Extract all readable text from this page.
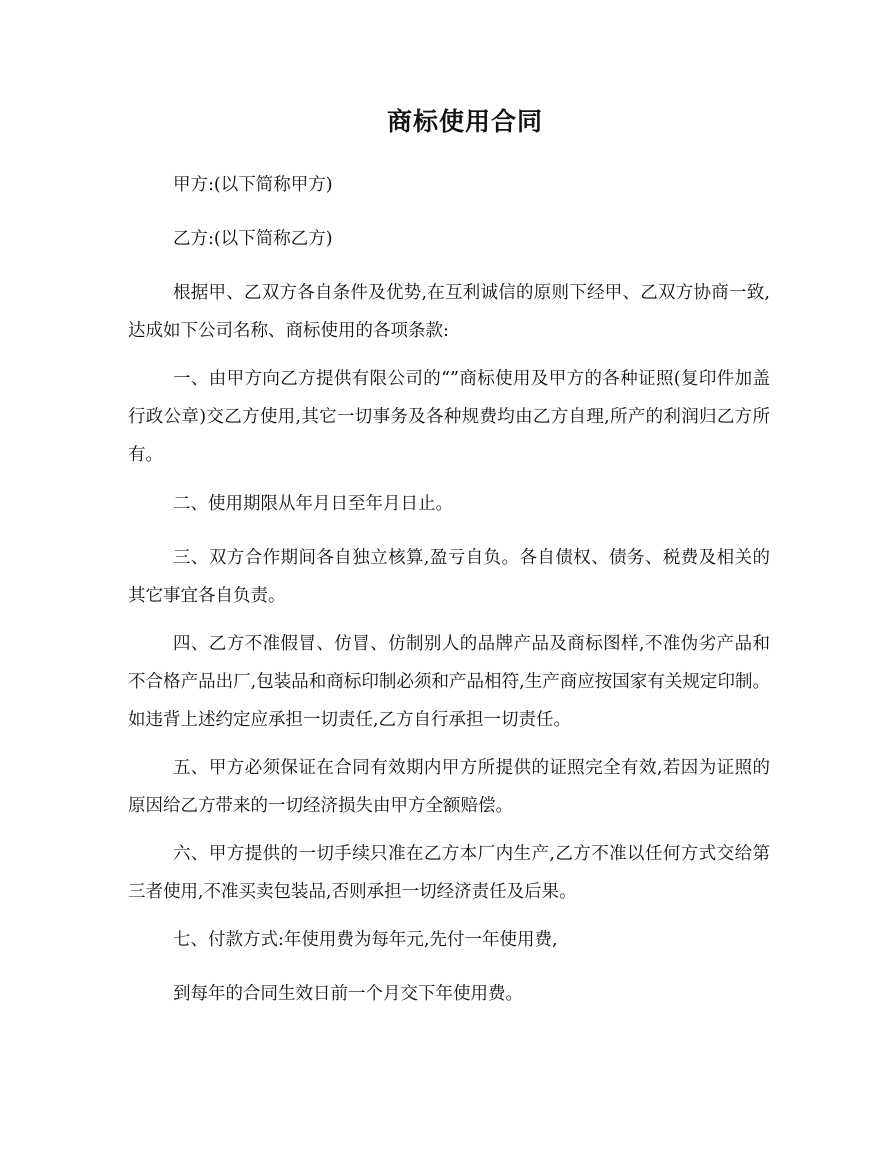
商标使用合同

甲方:(以下简称甲方)

乙方:(以下简称乙方)

根据甲、乙双方各自条件及优势,在互利诚信的原则下经甲、乙双方协商一致,达成如下公司名称、商标使用的各项条款:

一、由甲方向乙方提供有限公司的“”商标使用及甲方的各种证照(复印件加盖行政公章)交乙方使用,其它一切事务及各种规费均由乙方自理,所产的利润归乙方所有。

二、使用期限从年月日至年月日止。

三、双方合作期间各自独立核算,盈亏自负。各自债权、债务、税费及相关的其它事宜各自负责。

四、乙方不准假冒、仿冒、仿制别人的品牌产品及商标图样,不准伪劣产品和不合格产品出厂,包装品和商标印制必须和产品相符,生产商应按国家有关规定印制。如违背上述约定应承担一切责任,乙方自行承担一切责任。

五、甲方必须保证在合同有效期内甲方所提供的证照完全有效,若因为证照的原因给乙方带来的一切经济损失由甲方全额赔偿。

六、甲方提供的一切手续只准在乙方本厂内生产,乙方不准以任何方式交给第三者使用,不准买卖包装品,否则承担一切经济责任及后果。

七、付款方式:年使用费为每年元,先付一年使用费,

到每年的合同生效日前一个月交下年使用费。
